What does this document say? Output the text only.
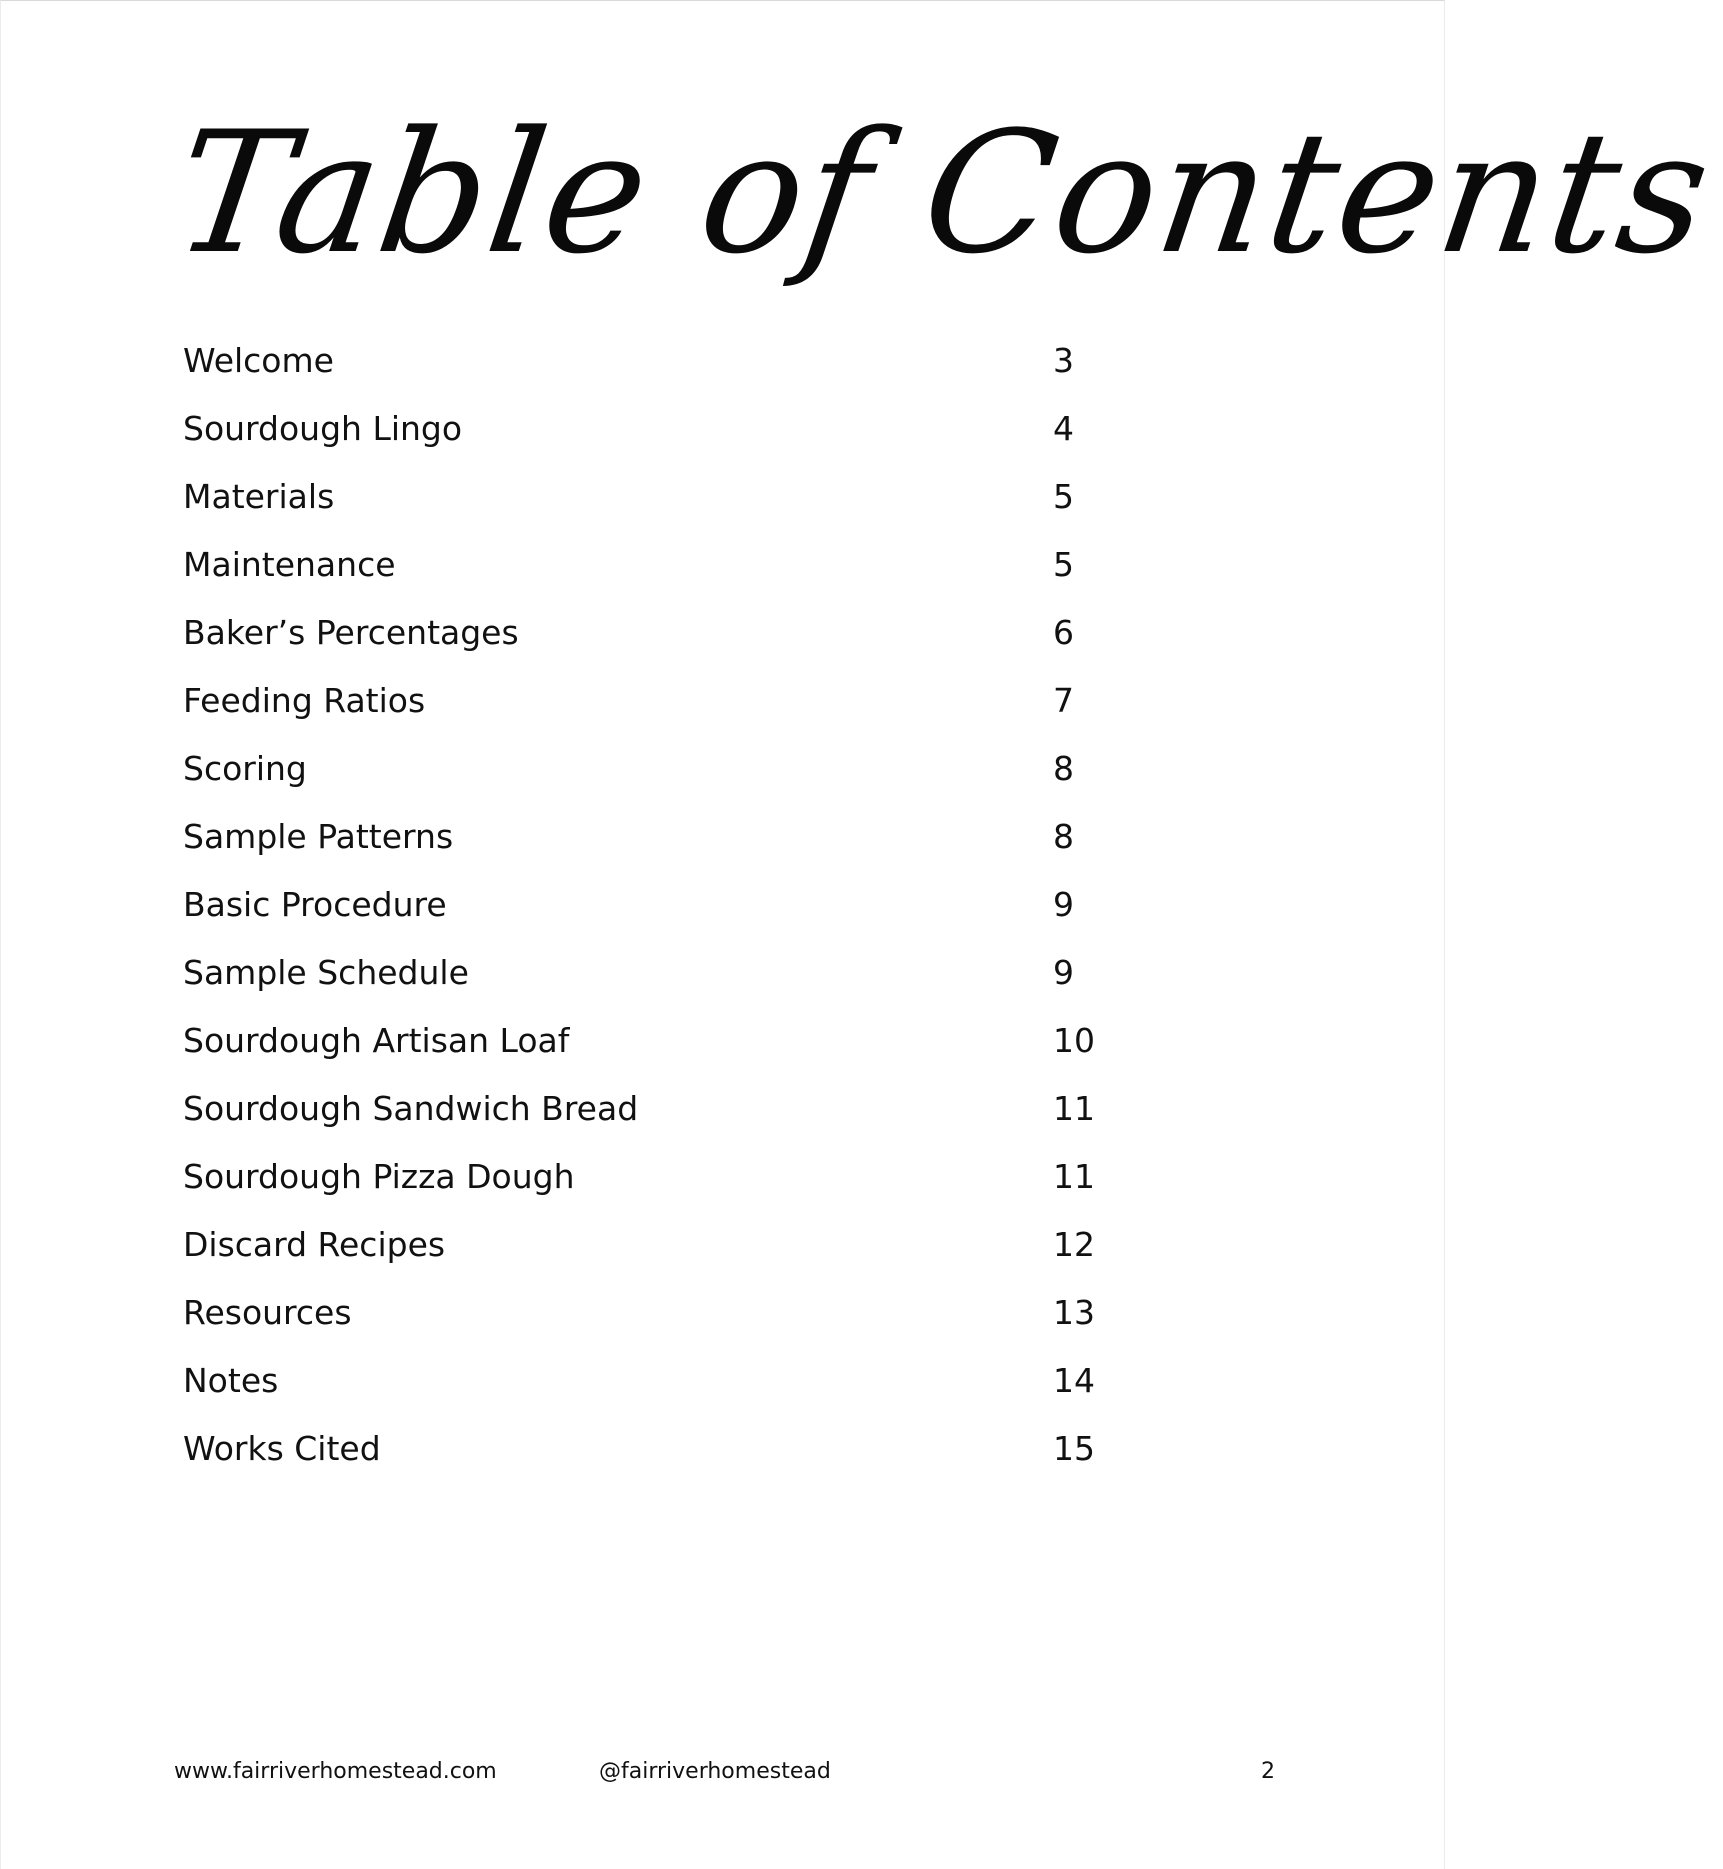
Table of Contents
Welcome	3
Sourdough Lingo	4
Materials	5
Maintenance	5
Baker’s Percentages	6
Feeding Ratios	7
Scoring	8
Sample Patterns	8
Basic Procedure	9
Sample Schedule	9
Sourdough Artisan Loaf	10
Sourdough Sandwich Bread	11
Sourdough Pizza Dough	11
Discard Recipes	12
Resources	13
Notes	14
Works Cited	15
www.fairriverhomestead.com	@fairriverhomestead	2
